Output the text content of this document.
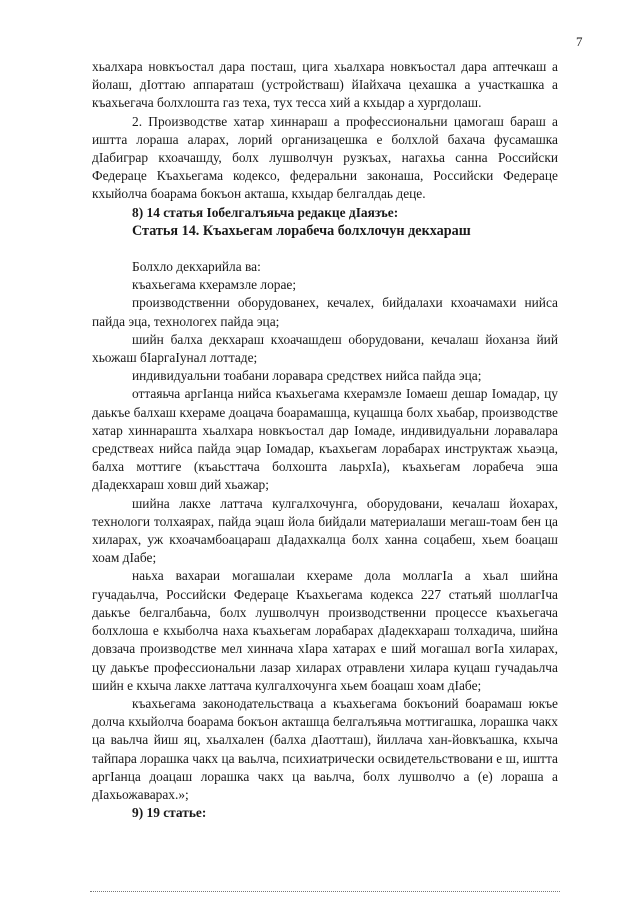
7

хьалхара новкъостал дара посташ, цига хьалхара новкъостал дара аптечкаш а йолаш, дӀоттаю аппараташ (устройстваш) йӀайхача цехашка а участкашка а къахьегача болхлошта газ теха, тух тесса хий а кхыдар а хургдолаш.

2. Производстве хатар хиннараш а профессиональни цамогаш бараш а иштта лораша аларах, лорий организацешка е болхлой бахача фусамашка дӀабиграр кхоачашду, болх лушволчун рузкъах, нагахьа санна Российски Федераце Къахьегама кодексо, федеральни законаша, Российски Федераце кхыйолча боарама бокъон акташа, кхыдар белгалдаь деце.

8) 14 статья Іобелгалъяьча редакце дӀаязъе:

Статья 14. Къахьегам лорабеча болхлочун декхараш

Болхло декхарийла ва:

къахьегама кхерамзле лорае;

производственни оборудованех, кечалех, бийдалахи кхоачамахи нийса пайда эца, технологех пайда эца;

шийн балха декхараш кхоачашдеш оборудовани, кечалаш йоханза йий хьожаш бІаргаІунал лоттаде;

индивидуальни тоабани лоравара средствех нийса пайда эца;

оттаяьча аргІанца нийса къахьегама кхерамзле Іомаеш дешар Іомадар, цу даькъе балхаш кхераме доацача боарамашца, куцашца болх хьабар, производстве хатар хиннараштa хьалхара новкъостал дар Іомаде, индивидуальни лоравалара средствеах нийса пайда эцар Іомадар, къахьегам лорабарах инструктаж хьаэца, балха моттиге (къаьсттача болхошта лаьрхІа), къахьегам лорабеча эша дІадекхараш ховш дий хьажар;

шийна лакхе латтача кулгалхочунга, оборудовани, кечалаш йохарах, технологи толхаярах, пайда эцаш йола бийдали материалаши мегаш-тоам бен ца хиларах, уж кхоачамбоацараш дІадахкалца болх ханна соцабеш, хьем боацаш хоам дІабе;

наьха вахараи могашалаи кхераме дола моллагІа а хьал шийна гучадаьлча, Российски Федераце Къахьегама кодекса 227 статьяй шоллагІча даькъе белгалбаьча, болх лушволчун производственни процессе къахьегача болхлоша е кхыболча наха къахьегам лорабарах дІадекхараш толхадича, шийна довзача производстве мел хиннача хІара хатарах е ший могашал вогІа хиларах, цу даькъе профессиональни лазар хиларах отравлени хилара куцаш гучадаьлча шийн е кхыча лакхе латтача кулгалхочунга хьем боацаш хоам дІабе;

къахьегама законодательстваца а къахьегама бокъоний боарамаш юкъе долча кхыйолча боарама бокъон акташца белгалъяьча моттигашка, лорашка чакх ца ваьлча йиш яц, хьалхален (балха дІаотташ), йиллача хан-йовкъашка, кхыча тайпара лорашка чакх ца ваьлча, психиатрически освидетельствовани е ш, иштта аргІанца доацаш лорашка чакх ца ваьлча, болх лушволчо а (е) лораша а дІахьожаварах.»;

9) 19 статье:
